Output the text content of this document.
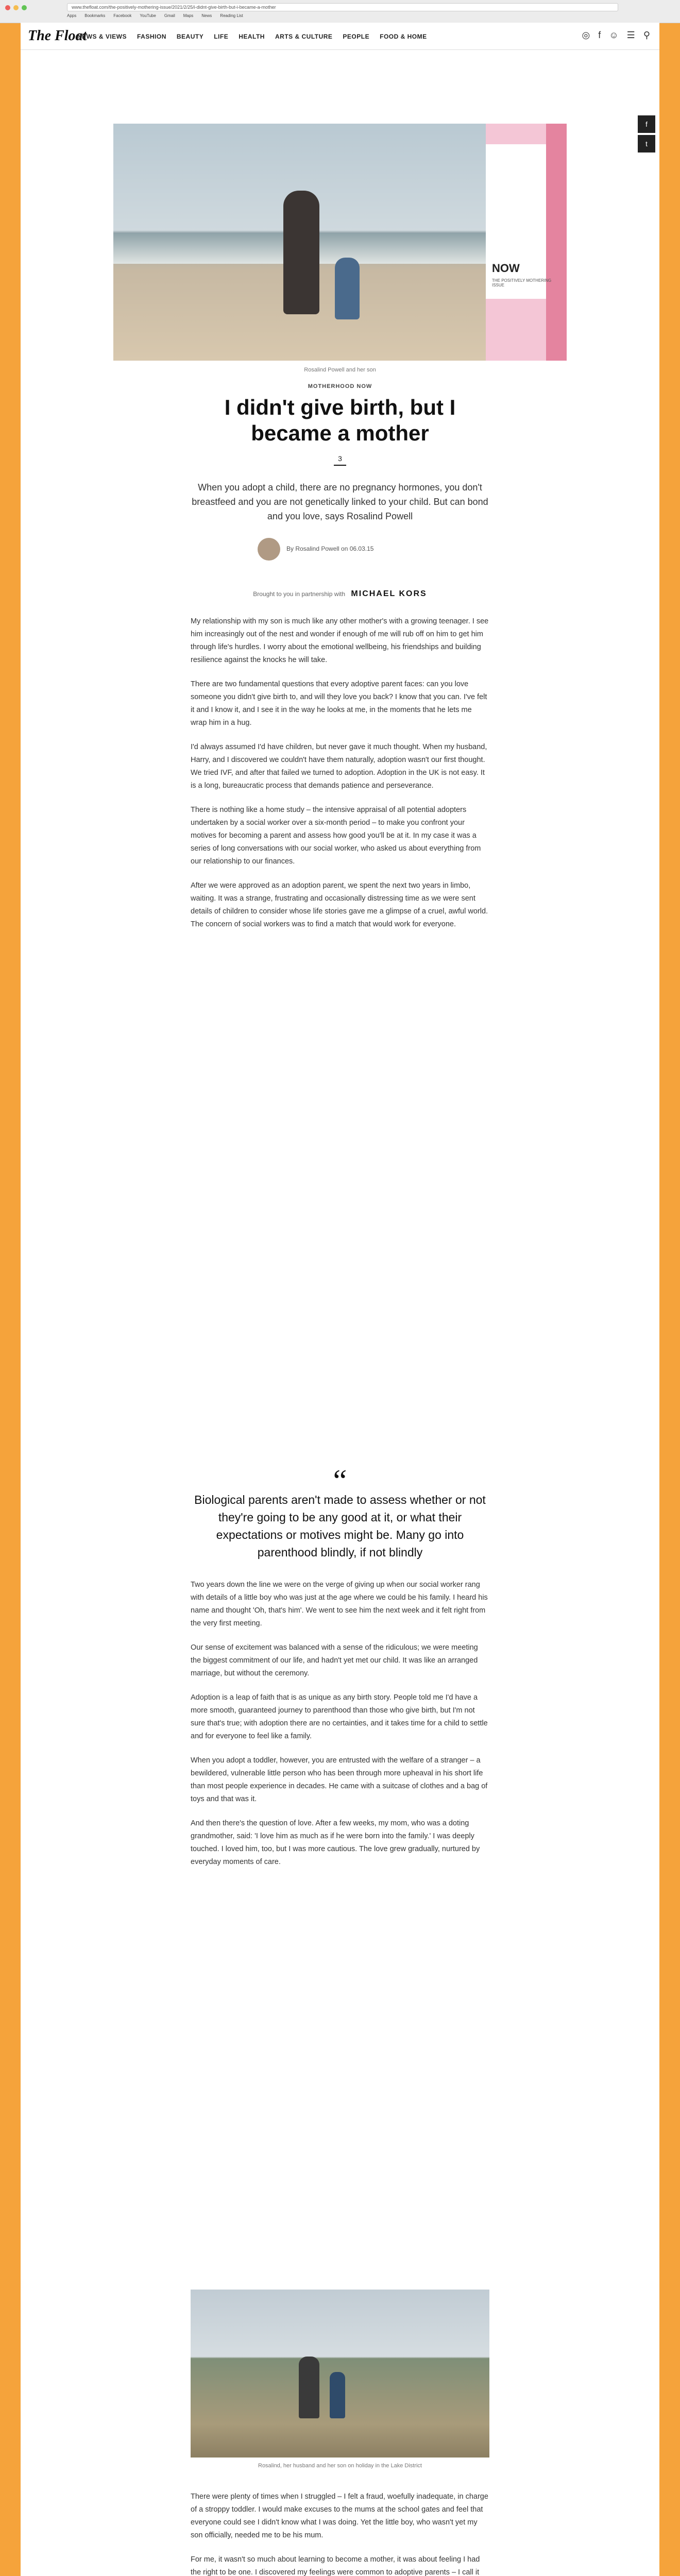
www.thefloat.com/the-positively-mothering-issue/2021/2/25/i-didnt-give-birth-but-i-became-a-mother
Apps Bookmarks Facebook YouTube Gmail Maps News Reading List
The Float
NEWS & VIEWS FASHION BEAUTY LIFE HEALTH ARTS & CULTURE PEOPLE FOOD & HOME	◎ f ☺ ☰ ⚲
f
t
NOW
THE POSITIVELY MOTHERING ISSUE
Rosalind Powell and her son
MOTHERHOOD NOW
I didn't give birth, but I
became a mother
3
When you adopt a child, there are no pregnancy hormones, you don't breastfeed and you are not genetically linked to your child. But can bond and you love, says Rosalind Powell
By Rosalind Powell on 06.03.15
Brought to you in partnership with MICHAEL KORS

My relationship with my son is much like any other mother's with a growing teenager. I see him increasingly out of the nest and wonder if enough of me will rub off on him to get him through life's hurdles. I worry about the emotional wellbeing, his friendships and building resilience against the knocks he will take.

There are two fundamental questions that every adoptive parent faces: can you love someone you didn't give birth to, and will they love you back? I know that you can. I've felt it and I know it, and I see it in the way he looks at me, in the moments that he lets me wrap him in a hug.

I'd always assumed I'd have children, but never gave it much thought. When my husband, Harry, and I discovered we couldn't have them naturally, adoption wasn't our first thought. We tried IVF, and after that failed we turned to adoption. Adoption in the UK is not easy. It is a long, bureaucratic process that demands patience and perseverance.

There is nothing like a home study – the intensive appraisal of all potential adopters undertaken by a social worker over a six-month period – to make you confront your motives for becoming a parent and assess how good you'll be at it. In my case it was a series of long conversations with our social worker, who asked us about everything from our relationship to our finances.

After we were approved as an adoption parent, we spent the next two years in limbo, waiting. It was a strange, frustrating and occasionally distressing time as we were sent details of children to consider whose life stories gave me a glimpse of a cruel, awful world. The concern of social workers was to find a match that would work for everyone.

“
Biological parents aren't made to assess whether or not they're going to be any good at it, or what their expectations or motives might be. Many go into parenthood blindly, if not blindly

Two years down the line we were on the verge of giving up when our social worker rang with details of a little boy who was just at the age where we could be his family. I heard his name and thought 'Oh, that's him'. We went to see him the next week and it felt right from the very first meeting.

Our sense of excitement was balanced with a sense of the ridiculous; we were meeting the biggest commitment of our life, and hadn't yet met our child. It was like an arranged marriage, but without the ceremony.

Adoption is a leap of faith that is as unique as any birth story. People told me I'd have a more smooth, guaranteed journey to parenthood than those who give birth, but I'm not sure that's true; with adoption there are no certainties, and it takes time for a child to settle and for everyone to feel like a family.

When you adopt a toddler, however, you are entrusted with the welfare of a stranger – a bewildered, vulnerable little person who has been through more upheaval in his short life than most people experience in decades. He came with a suitcase of clothes and a bag of toys and that was it.

And then there's the question of love. After a few weeks, my mom, who was a doting grandmother, said: 'I love him as much as if he were born into the family.' I was deeply touched. I loved him, too, but I was more cautious. The love grew gradually, nurtured by everyday moments of care.

Rosalind, her husband and her son on holiday in the Lake District

There were plenty of times when I struggled – I felt a fraud, woefully inadequate, in charge of a stroppy toddler. I would make excuses to the mums at the school gates and feel that everyone could see I didn't know what I was doing. Yet the little boy, who wasn't yet my son officially, needed me to be his mum.

For me, it wasn't so much about learning to become a mother, it was about feeling I had the right to be one. I discovered my feelings were common to adoptive parents – I call it
